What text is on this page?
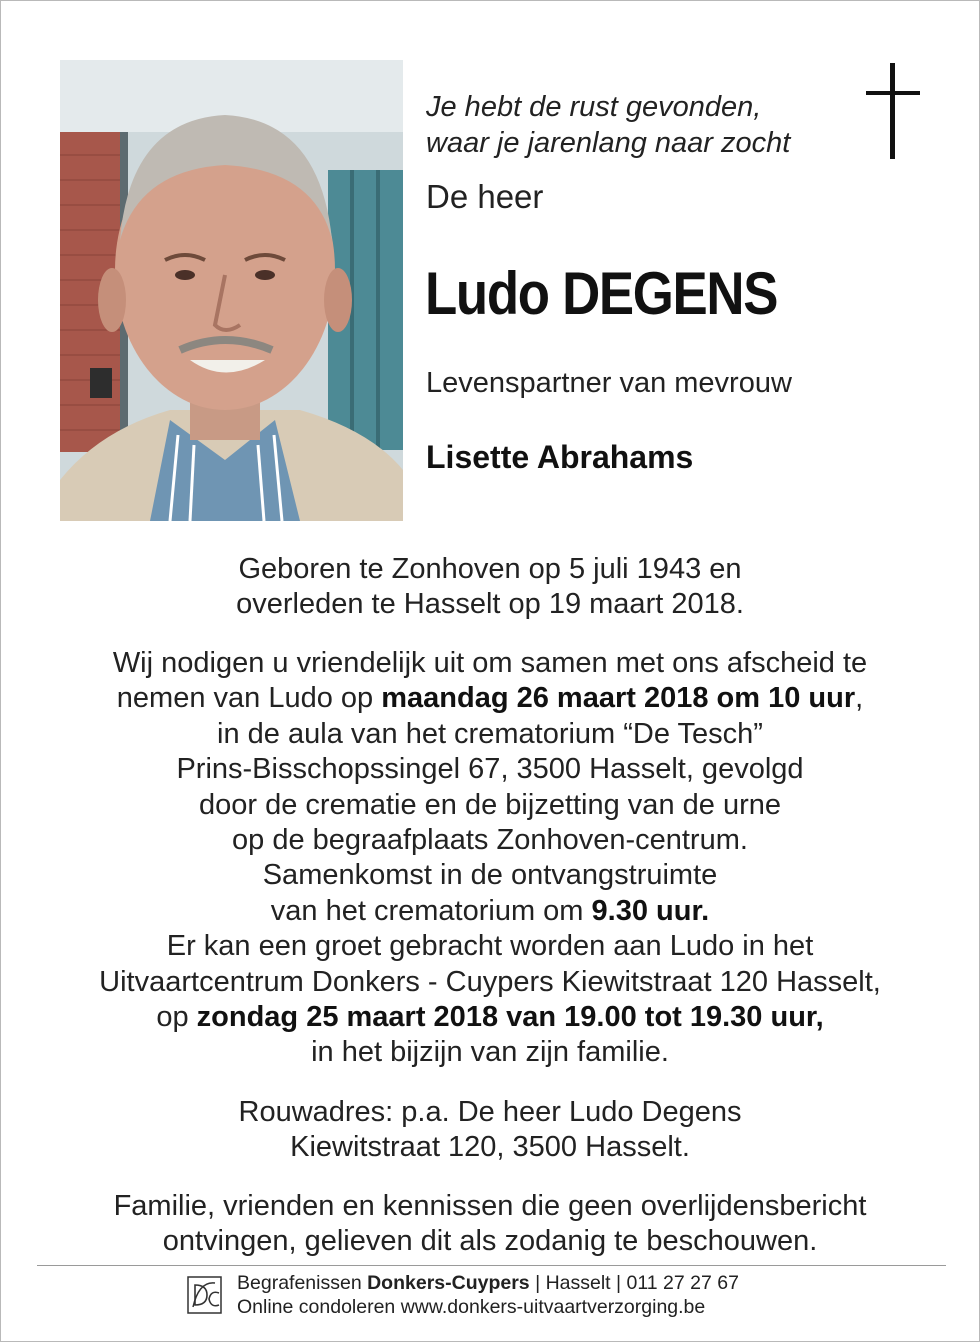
Je hebt de rust gevonden,
waar je jarenlang naar zocht
De heer
Ludo DEGENS
Levenspartner van mevrouw
Lisette Abrahams
Geboren te Zonhoven op 5 juli 1943 en
overleden te Hasselt op 19 maart 2018.
Wij nodigen u vriendelijk uit om samen met ons afscheid te
nemen van Ludo op maandag 26 maart 2018 om 10 uur,
in de aula van het crematorium “De Tesch”
Prins-Bisschopssingel 67, 3500 Hasselt, gevolgd
door de crematie en de bijzetting van de urne
op de begraafplaats Zonhoven-centrum.
Samenkomst in de ontvangstruimte
van het crematorium om 9.30 uur.
Er kan een groet gebracht worden aan Ludo in het
Uitvaartcentrum Donkers - Cuypers Kiewitstraat 120 Hasselt,
op zondag 25 maart 2018 van 19.00 tot 19.30 uur,
in het bijzijn van zijn familie.
Rouwadres: p.a. De heer Ludo Degens
Kiewitstraat 120, 3500 Hasselt.
Familie, vrienden en kennissen die geen overlijdensbericht
ontvingen, gelieven dit als zodanig te beschouwen.
Begrafenissen Donkers-Cuypers | Hasselt | 011 27 27 67
Online condoleren www.donkers-uitvaartverzorging.be
